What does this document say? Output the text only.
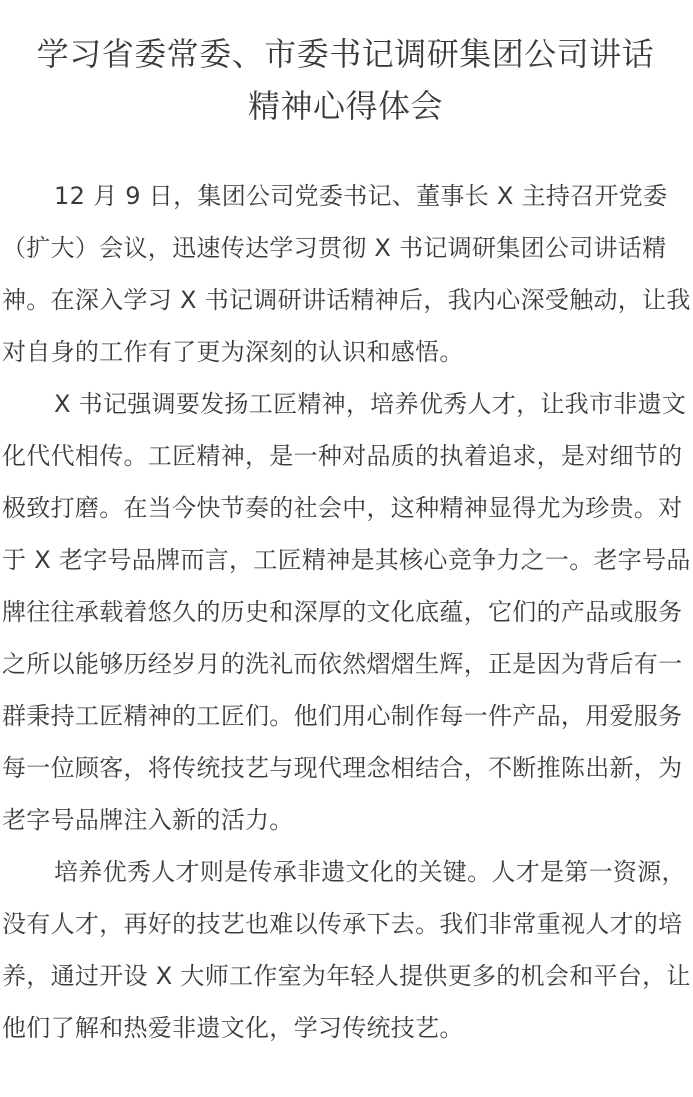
学习省委常委、市委书记调研集团公司讲话
精神心得体会

12 月 9 日，集团公司党委书记、董事长 X 主持召开党委（扩大）会议，迅速传达学习贯彻 X 书记调研集团公司讲话精神。在深入学习 X 书记调研讲话精神后，我内心深受触动，让我对自身的工作有了更为深刻的认识和感悟。

X 书记强调要发扬工匠精神，培养优秀人才，让我市非遗文化代代相传。工匠精神，是一种对品质的执着追求，是对细节的极致打磨。在当今快节奏的社会中，这种精神显得尤为珍贵。对于 X 老字号品牌而言，工匠精神是其核心竞争力之一。老字号品牌往往承载着悠久的历史和深厚的文化底蕴，它们的产品或服务之所以能够历经岁月的洗礼而依然熠熠生辉，正是因为背后有一群秉持工匠精神的工匠们。他们用心制作每一件产品，用爱服务每一位顾客，将传统技艺与现代理念相结合，不断推陈出新，为老字号品牌注入新的活力。

培养优秀人才则是传承非遗文化的关键。人才是第一资源，没有人才，再好的技艺也难以传承下去。我们非常重视人才的培养，通过开设 X 大师工作室为年轻人提供更多的机会和平台，让他们了解和热爱非遗文化，学习传统技艺。
